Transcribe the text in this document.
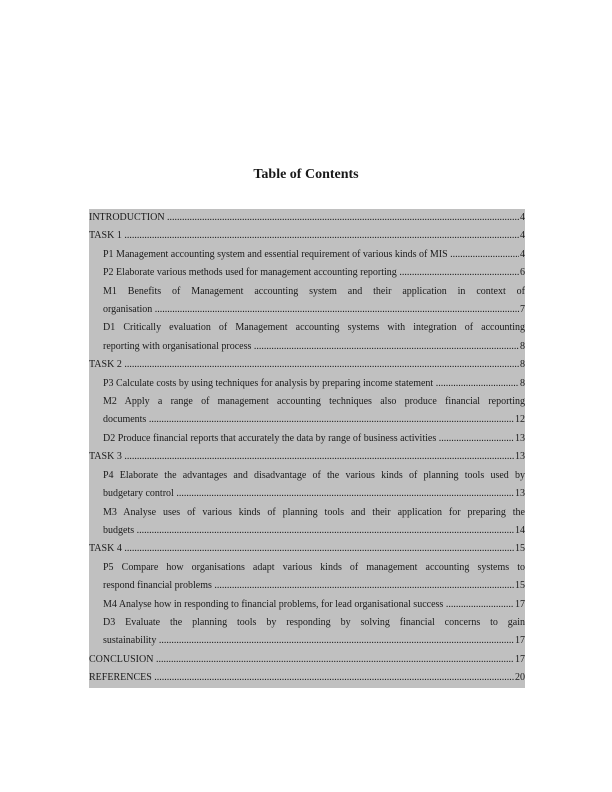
Table of Contents
INTRODUCTION .....	4
TASK 1 .....	4
P1 Management accounting system and essential requirement of various kinds of MIS .....	4
P2 Elaborate various methods used for management accounting reporting .....	6
M1 Benefits of Management accounting system and their application in context of
organisation .....	7
D1 Critically evaluation of Management accounting systems with integration of accounting
reporting with organisational process .....	8
TASK 2 .....	8
P3 Calculate costs by using techniques for analysis by preparing income statement .....	8
M2 Apply a range of management accounting techniques also produce financial reporting
documents .....	12
D2 Produce financial reports that accurately the data by range of business activities .....	13
TASK 3 .....	13
P4 Elaborate the advantages and disadvantage of the various kinds of planning tools used by
budgetary control .....	13
M3 Analyse uses of various kinds of planning tools and their application for preparing the
budgets .....	14
TASK 4 .....	15
P5 Compare how organisations adapt various kinds of management accounting systems to
respond financial problems .....	15
M4 Analyse how in responding to financial problems, for lead organisational success .....	17
D3 Evaluate the planning tools by responding by solving financial concerns to gain
sustainability .....	17
CONCLUSION .....	17
REFERENCES .....	20
